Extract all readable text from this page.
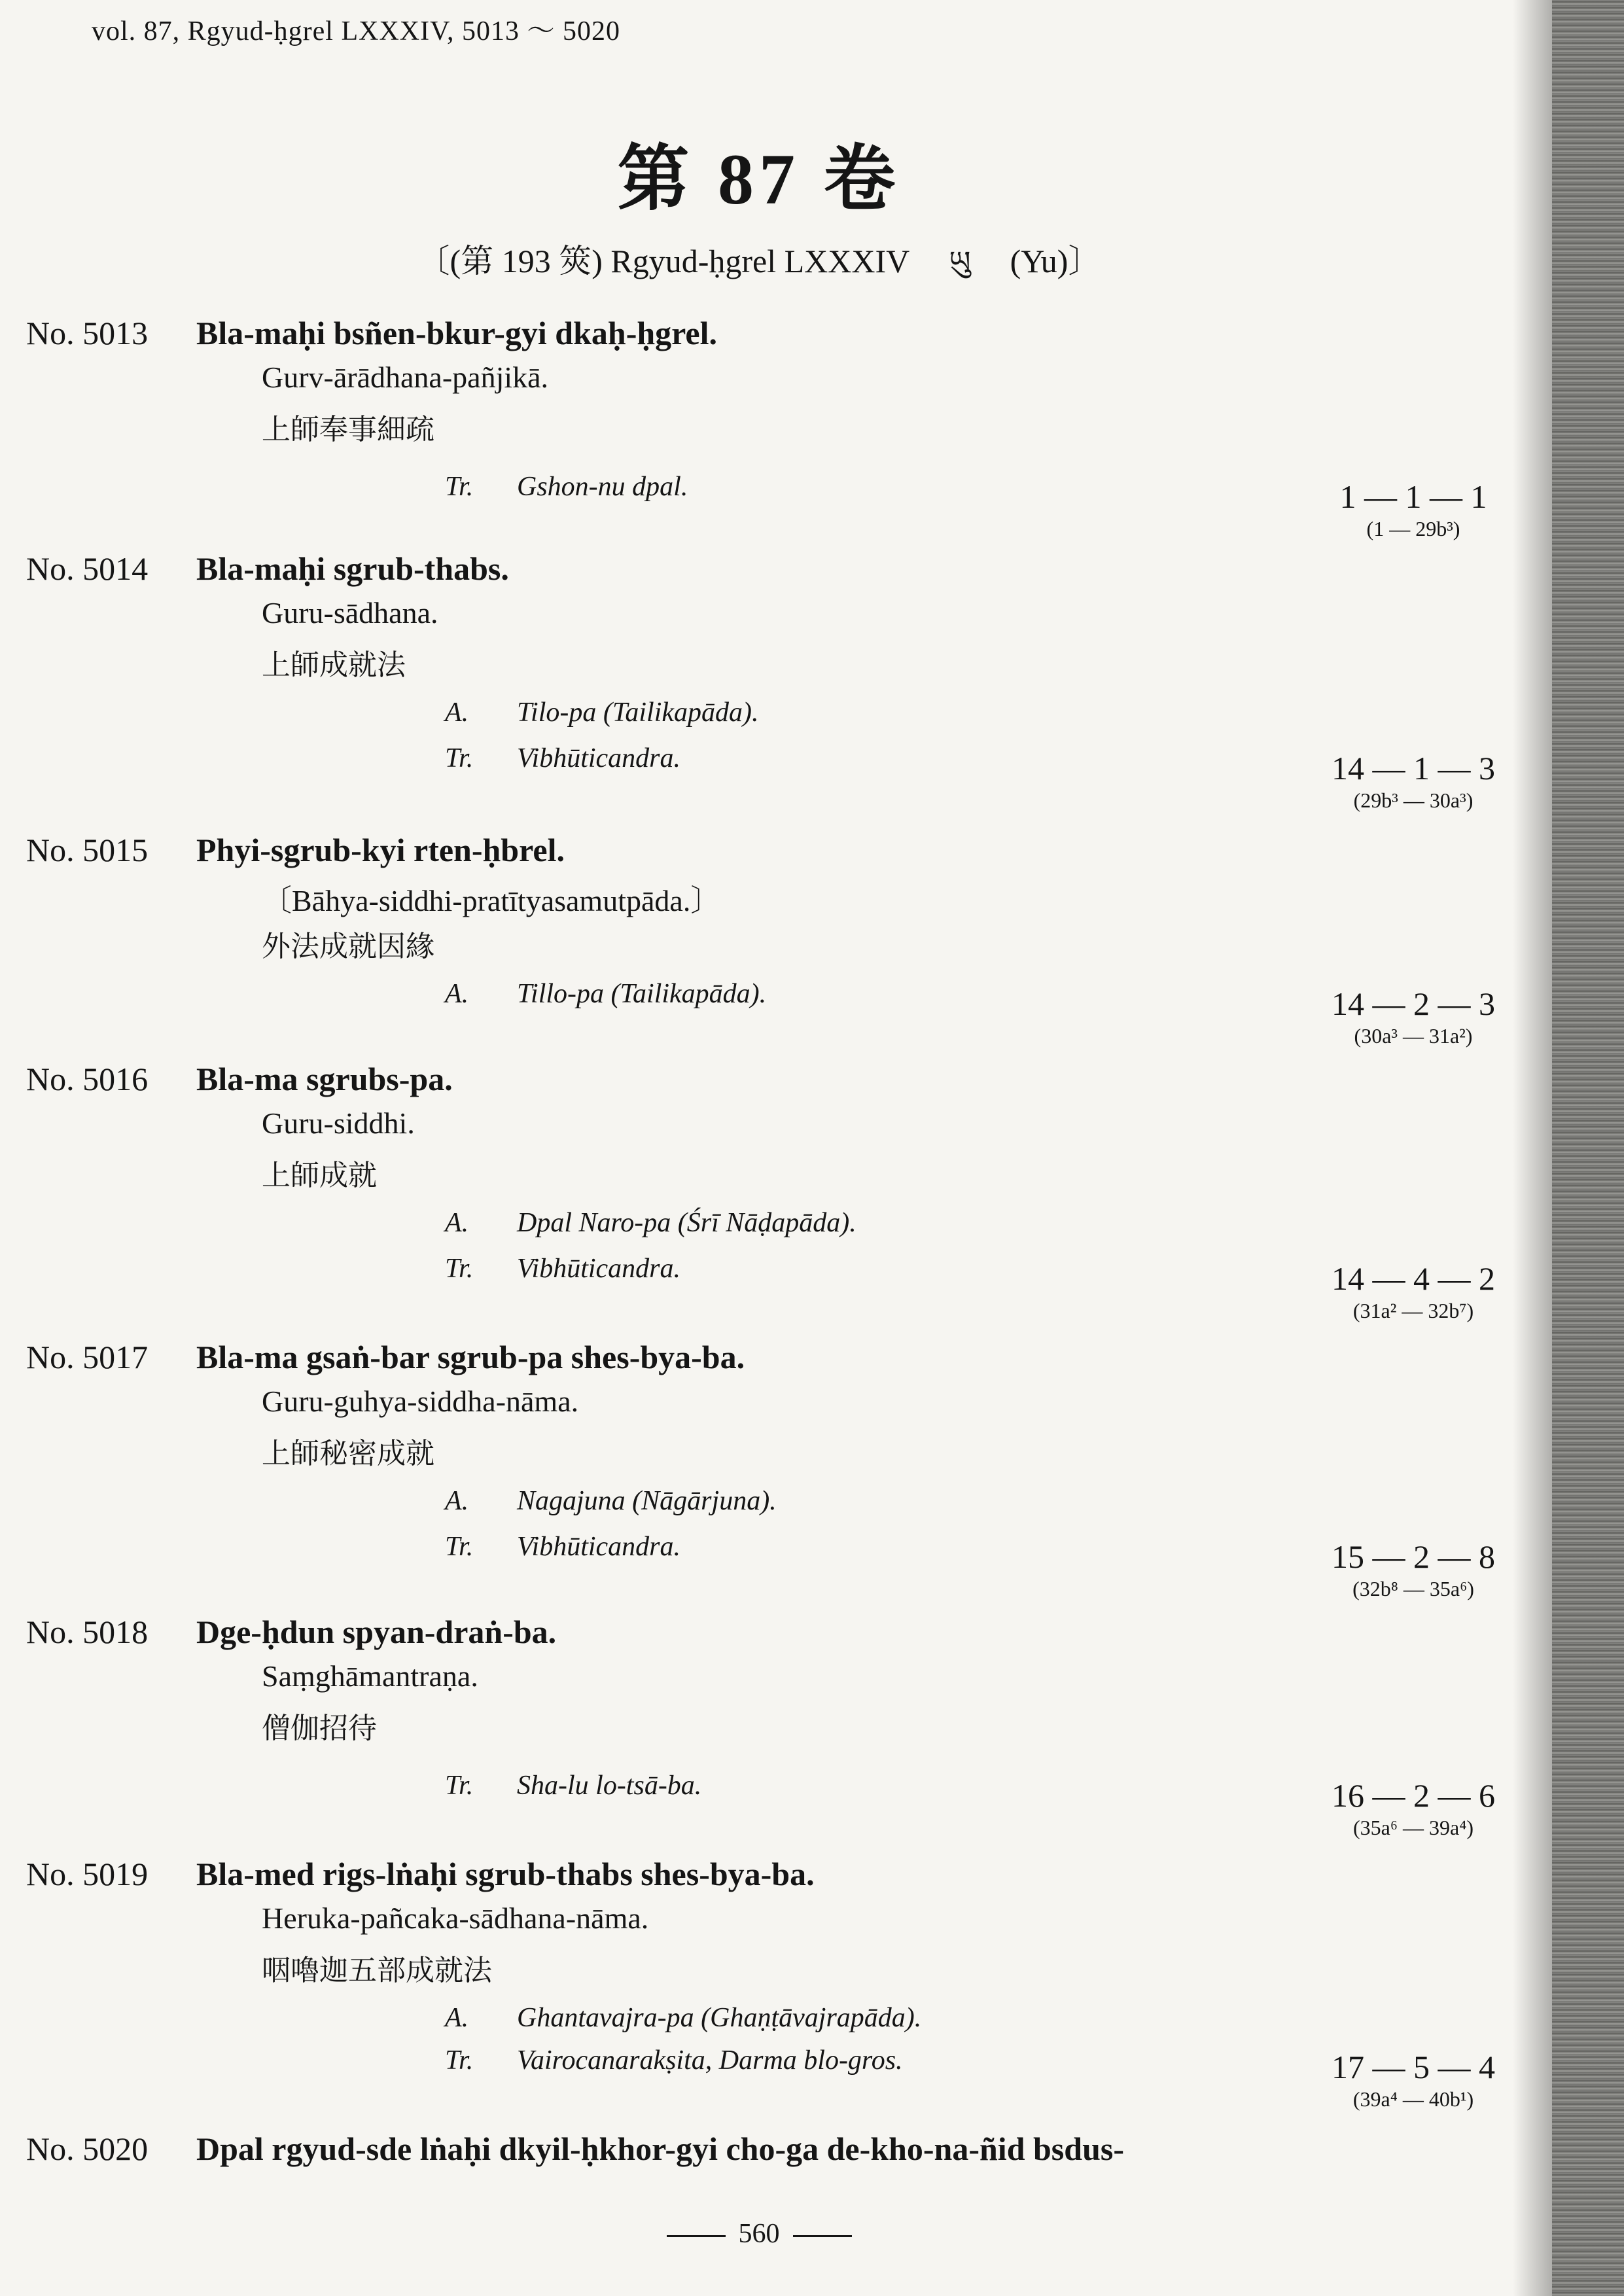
vol. 87, Rgyud-ḥgrel LXXXIV, 5013 ～ 5020
第 87 卷
〔(第 193 筴) Rgyud-ḥgrel LXXXIV ཡུ (Yu)〕
No. 5013 Bla-maḥi bsñen-bkur-gyi dkaḥ-ḥgrel.
Gurv-ārādhana-pañjikā.
上師奉事細疏
Tr. Gshon-nu dpal.	1 — 1 — 1
(1 — 29b³)
No. 5014 Bla-maḥi sgrub-thabs.
Guru-sādhana.
上師成就法
A. Tilo-pa (Tailikapāda).
Tr. Vibhūticandra.	14 — 1 — 3
(29b³ — 30a³)
No. 5015 Phyi-sgrub-kyi rten-ḥbrel.
〔Bāhya-siddhi-pratītyasamutpāda.〕
外法成就因緣
A. Tillo-pa (Tailikapāda).	14 — 2 — 3
(30a³ — 31a²)
No. 5016 Bla-ma sgrubs-pa.
Guru-siddhi.
上師成就
A. Dpal Naro-pa (Śrī Nāḍapāda).
Tr. Vibhūticandra.	14 — 4 — 2
(31a² — 32b⁷)
No. 5017 Bla-ma gsaṅ-bar sgrub-pa shes-bya-ba.
Guru-guhya-siddha-nāma.
上師秘密成就
A. Nagajuna (Nāgārjuna).
Tr. Vibhūticandra.	15 — 2 — 8
(32b⁸ — 35a⁶)
No. 5018 Dge-ḥdun spyan-draṅ-ba.
Saṃghāmantraṇa.
僧伽招待
Tr. Sha-lu lo-tsā-ba.	16 — 2 — 6
(35a⁶ — 39a⁴)
No. 5019 Bla-med rigs-lṅaḥi sgrub-thabs shes-bya-ba.
Heruka-pañcaka-sādhana-nāma.
咽嚕迦五部成就法
A. Ghantavajra-pa (Ghaṇṭāvajrapāda).
Tr. Vairocanarakṣita, Darma blo-gros.	17 — 5 — 4
(39a⁴ — 40b¹)
No. 5020 Dpal rgyud-sde lṅaḥi dkyil-ḥkhor-gyi cho-ga de-kho-na-ñid bsdus-
560
